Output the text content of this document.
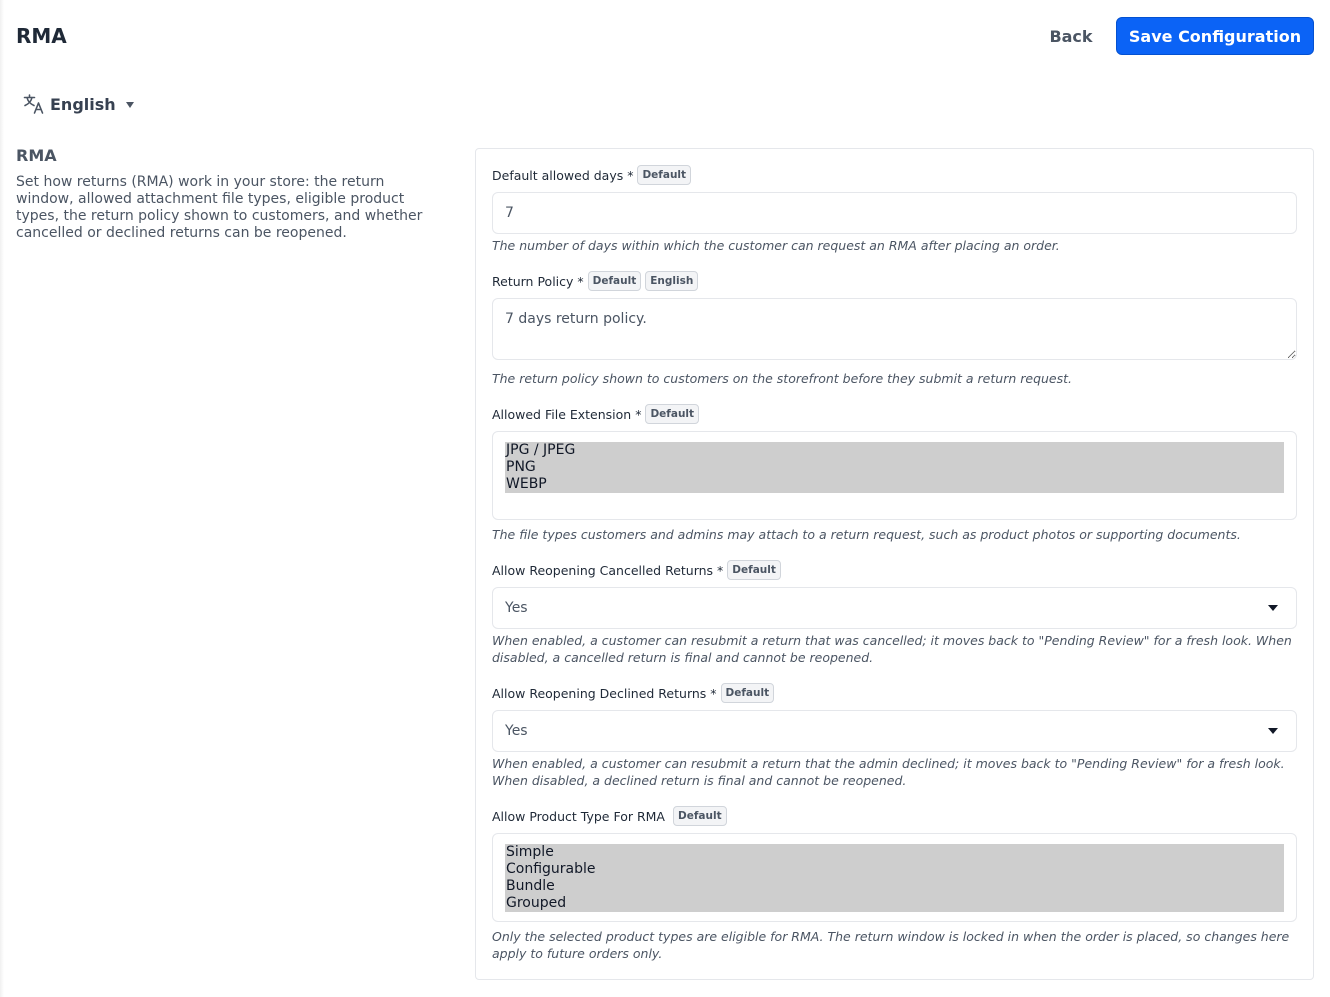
RMA	Back	Save Configuration
English
RMA
Set how returns (RMA) work in your store: the return window, allowed attachment file types, eligible product types, the return policy shown to customers, and whether cancelled or declined returns can be reopened.
Default allowed days * Default
7
The number of days within which the customer can request an RMA after placing an order.
Return Policy * Default	English
7 days return policy.
The return policy shown to customers on the storefront before they submit a return request.
Allowed File Extension * Default
JPG / JPEG
PNG
WEBP
The file types customers and admins may attach to a return request, such as product photos or supporting documents.
Allow Reopening Cancelled Returns * Default
Yes
When enabled, a customer can resubmit a return that was cancelled; it moves back to "Pending Review" for a fresh look. When disabled, a cancelled return is final and cannot be reopened.
Allow Reopening Declined Returns * Default
Yes
When enabled, a customer can resubmit a return that the admin declined; it moves back to "Pending Review" for a fresh look. When disabled, a declined return is final and cannot be reopened.
Allow Product Type For RMA	Default
Simple
Configurable
Bundle
Grouped
Only the selected product types are eligible for RMA. The return window is locked in when the order is placed, so changes here apply to future orders only.
